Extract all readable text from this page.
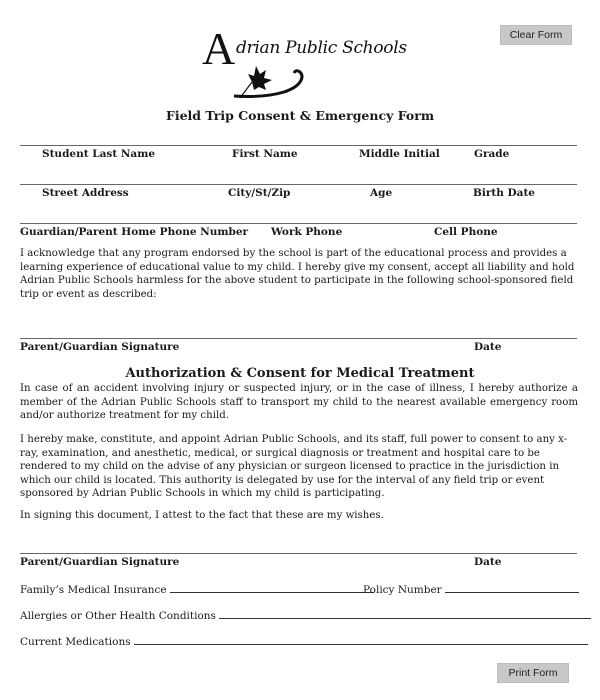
A drian Public Schools
Clear Form
Field Trip Consent & Emergency Form
Student Last Name	First Name	Middle Initial	Grade
Street Address	City/St/Zip	Age	Birth Date
Guardian/Parent Home Phone Number Work Phone	Cell Phone
I acknowledge that any program endorsed by the school is part of the educational process and provides a learning experience of educational value to my child. I hereby give my consent, accept all liability and hold Adrian Public Schools harmless for the above student to participate in the following school-sponsored field trip or event as described:
Parent/Guardian Signature	Date
Authorization & Consent for Medical Treatment
In case of an accident involving injury or suspected injury, or in the case of illness, I hereby authorize a member of the Adrian Public Schools staff to transport my child to the nearest available emergency room and/or authorize treatment for my child.
I hereby make, constitute, and appoint Adrian Public Schools, and its staff, full power to consent to any x-ray, examination, and anesthetic, medical, or surgical diagnosis or treatment and hospital care to be rendered to my child on the advise of any physician or surgeon licensed to practice in the jurisdiction in which our child is located. This authority is delegated by use for the interval of any field trip or event sponsored by Adrian Public Schools in which my child is participating.
In signing this document, I attest to the fact that these are my wishes.
Parent/Guardian Signature	Date
Family’s Medical Insurance	Policy Number
Allergies or Other Health Conditions
Current Medications
Print Form
